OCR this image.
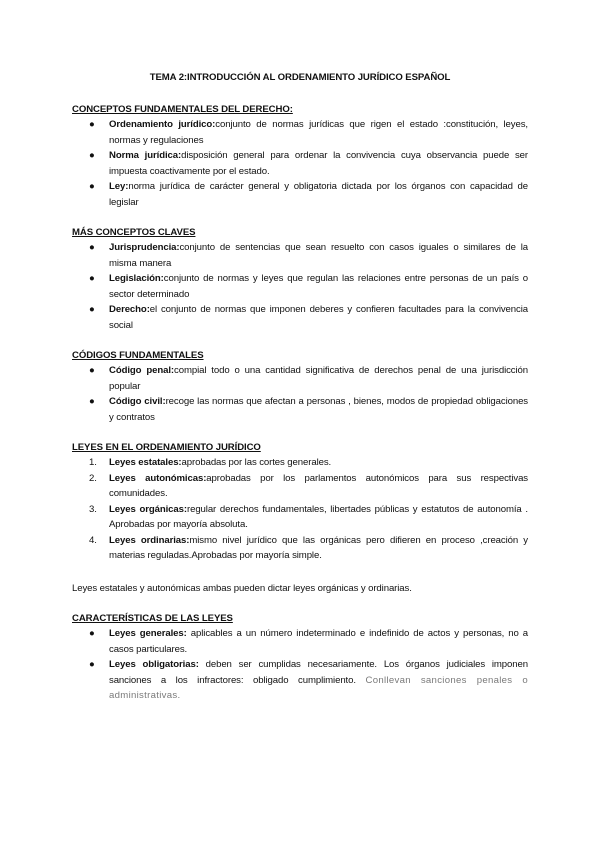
TEMA 2:INTRODUCCIÓN AL ORDENAMIENTO JURÍDICO ESPAÑOL

CONCEPTOS FUNDAMENTALES DEL DERECHO:

● Ordenamiento jurídico:conjunto de normas jurídicas que rigen el estado :constitución, leyes, normas y regulaciones
● Norma jurídica:disposición general para ordenar la convivencia cuya observancia puede ser impuesta coactivamente por el estado.
● Ley:norma jurídica de carácter general y obligatoria dictada por los órganos con capacidad de legislar

MÁS CONCEPTOS CLAVES

● Jurisprudencia:conjunto de sentencias que sean resuelto con casos iguales o similares de la misma manera
● Legislación:conjunto de normas y leyes que regulan las relaciones entre personas de un país o sector determinado
● Derecho:el conjunto de normas que imponen deberes y confieren facultades para la convivencia social

CÓDIGOS FUNDAMENTALES

● Código penal:compial todo o una cantidad significativa de derechos penal de una jurisdicción popular
● Código civil:recoge las normas que afectan a personas , bienes, modos de propiedad obligaciones y contratos

LEYES EN EL ORDENAMIENTO JURÍDICO

1. Leyes estatales:aprobadas por las cortes generales.
2. Leyes autonómicas:aprobadas por los parlamentos autonómicos para sus respectivas comunidades.
3. Leyes orgánicas:regular derechos fundamentales, libertades públicas y estatutos de autonomía . Aprobadas por mayoría absoluta.
4. Leyes ordinarias:mismo nivel jurídico que las orgánicas pero difieren en proceso ,creación y materias reguladas.Aprobadas por mayoría simple.

Leyes estatales y autonómicas ambas pueden dictar leyes orgánicas y ordinarias.

CARACTERÍSTICAS DE LAS LEYES

● Leyes generales: aplicables a un número indeterminado e indefinido de actos y personas, no a casos particulares.
● Leyes obligatorias: deben ser cumplidas necesariamente. Los órganos judiciales imponen sanciones a los infractores: obligado cumplimiento. Conllevan sanciones penales o administrativas.
